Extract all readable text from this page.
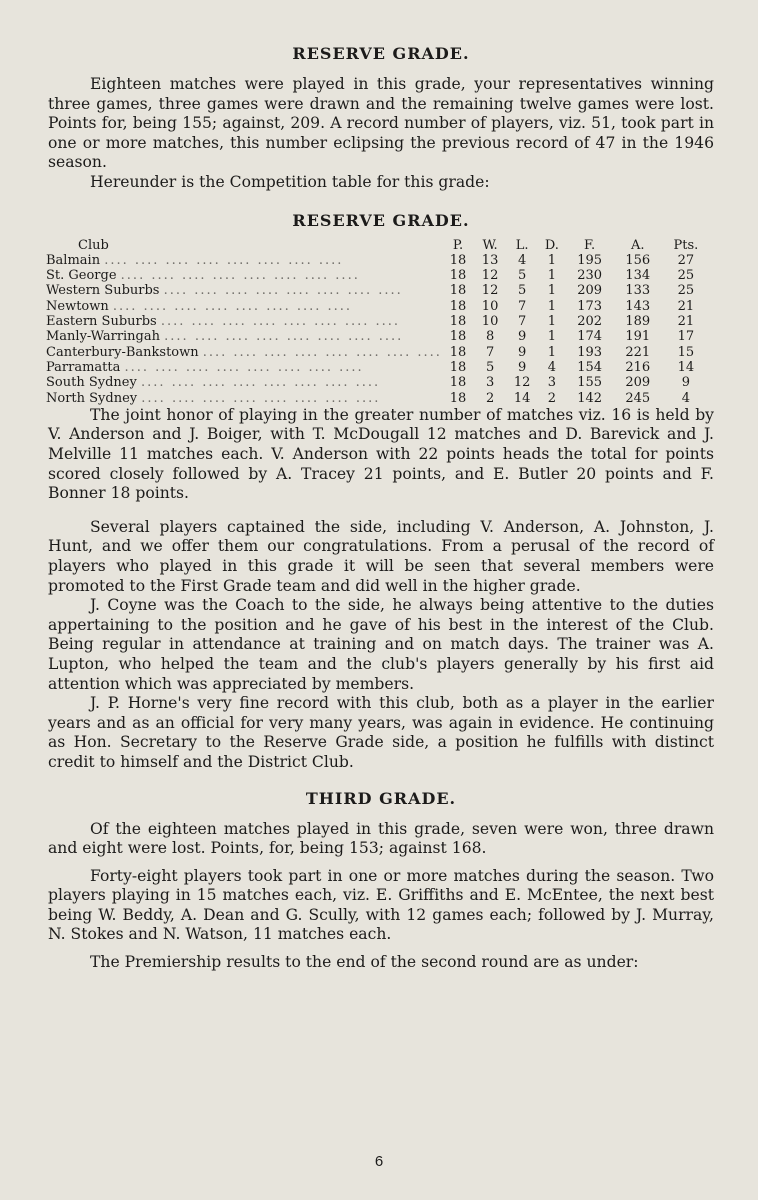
RESERVE GRADE.

Eighteen matches were played in this grade, your representatives winning three games, three games were drawn and the remaining twelve games were lost. Points for, being 155; against, 209. A record number of players, viz. 51, took part in one or more matches, this number eclipsing the previous record of 47 in the 1946 season.

Hereunder is the Competition table for this grade:

RESERVE GRADE.
Club	P.	W.	L.	D.	F.	A.	Pts.
Balmain .... .... .... .... .... .... .... ....	18	13	4	1	195	156	27
St. George .... .... .... .... .... .... .... ....	18	12	5	1	230	134	25
Western Suburbs .... .... .... .... .... .... .... ....	18	12	5	1	209	133	25
Newtown .... .... .... .... .... .... .... ....	18	10	7	1	173	143	21
Eastern Suburbs .... .... .... .... .... .... .... ....	18	10	7	1	202	189	21
Manly-Warringah .... .... .... .... .... .... .... ....	18	8	9	1	174	191	17
Canterbury-Bankstown .... .... .... .... .... .... .... ....	18	7	9	1	193	221	15
Parramatta .... .... .... .... .... .... .... ....	18	5	9	4	154	216	14
South Sydney .... .... .... .... .... .... .... ....	18	3	12	3	155	209	9
North Sydney .... .... .... .... .... .... .... ....	18	2	14	2	142	245	4

The joint honor of playing in the greater number of matches viz. 16 is held by V. Anderson and J. Boiger, with T. McDougall 12 matches and D. Barevick and J. Melville 11 matches each. V. Anderson with 22 points heads the total for points scored closely followed by A. Tracey 21 points, and E. Butler 20 points and F. Bonner 18 points.

Several players captained the side, including V. Anderson, A. Johnston, J. Hunt, and we offer them our congratulations. From a perusal of the record of players who played in this grade it will be seen that several members were promoted to the First Grade team and did well in the higher grade.

J. Coyne was the Coach to the side, he always being attentive to the duties appertaining to the position and he gave of his best in the interest of the Club. Being regular in attendance at training and on match days. The trainer was A. Lupton, who helped the team and the club's players generally by his first aid attention which was appreciated by members.

J. P. Horne's very fine record with this club, both as a player in the earlier years and as an official for very many years, was again in evidence. He continuing as Hon. Secretary to the Reserve Grade side, a position he fulfills with distinct credit to himself and the District Club.

THIRD GRADE.

Of the eighteen matches played in this grade, seven were won, three drawn and eight were lost. Points, for, being 153; against 168.

Forty-eight players took part in one or more matches during the season. Two players playing in 15 matches each, viz. E. Griffiths and E. McEntee, the next best being W. Beddy, A. Dean and G. Scully, with 12 games each; followed by J. Murray, N. Stokes and N. Watson, 11 matches each.

The Premiership results to the end of the second round are as under:

6
